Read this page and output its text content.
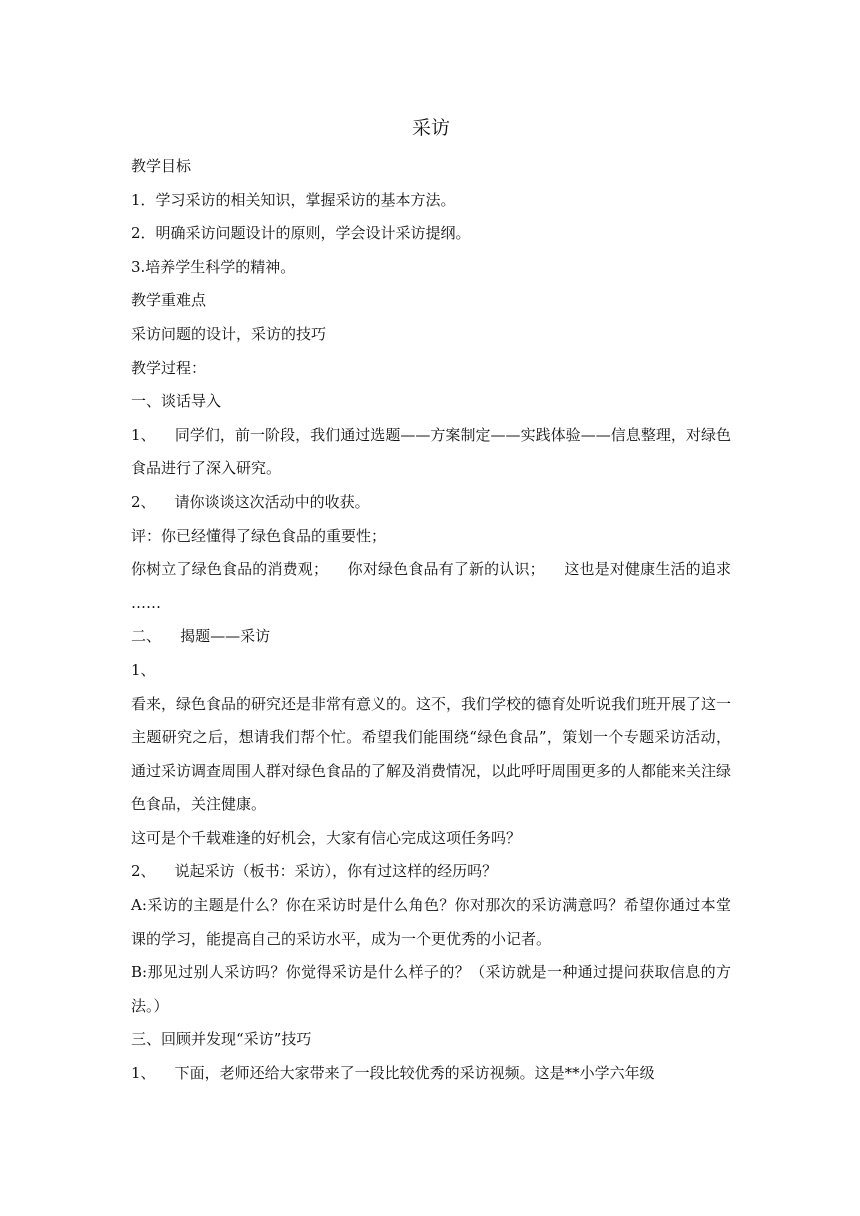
采访

教学目标

1．学习采访的相关知识，掌握采访的基本方法。

2．明确采访问题设计的原则，学会设计采访提纲。

3.培养学生科学的精神。

教学重难点

采访问题的设计，采访的技巧

教学过程：

一、谈话导入

1、    同学们，前一阶段，我们通过选题——方案制定——实践体验——信息整理，对绿色食品进行了深入研究。

2、    请你谈谈这次活动中的收获。

评：你已经懂得了绿色食品的重要性；

你树立了绿色食品的消费观；    你对绿色食品有了新的认识；    这也是对健康生活的追求  ……

二、    揭题——采访

1、

看来，绿色食品的研究还是非常有意义的。这不，我们学校的德育处听说我们班开展了这一主题研究之后，想请我们帮个忙。希望我们能围绕“绿色食品”，策划一个专题采访活动，通过采访调查周围人群对绿色食品的了解及消费情况，以此呼吁周围更多的人都能来关注绿色食品，关注健康。

这可是个千载难逢的好机会，大家有信心完成这项任务吗？

2、    说起采访（板书：采访），你有过这样的经历吗？

A:采访的主题是什么？你在采访时是什么角色？你对那次的采访满意吗？希望你通过本堂课的学习，能提高自己的采访水平，成为一个更优秀的小记者。

B:那见过别人采访吗？你觉得采访是什么样子的？（采访就是一种通过提问获取信息的方法。）

三、回顾并发现“采访”技巧

1、    下面，老师还给大家带来了一段比较优秀的采访视频。这是**小学六年级
